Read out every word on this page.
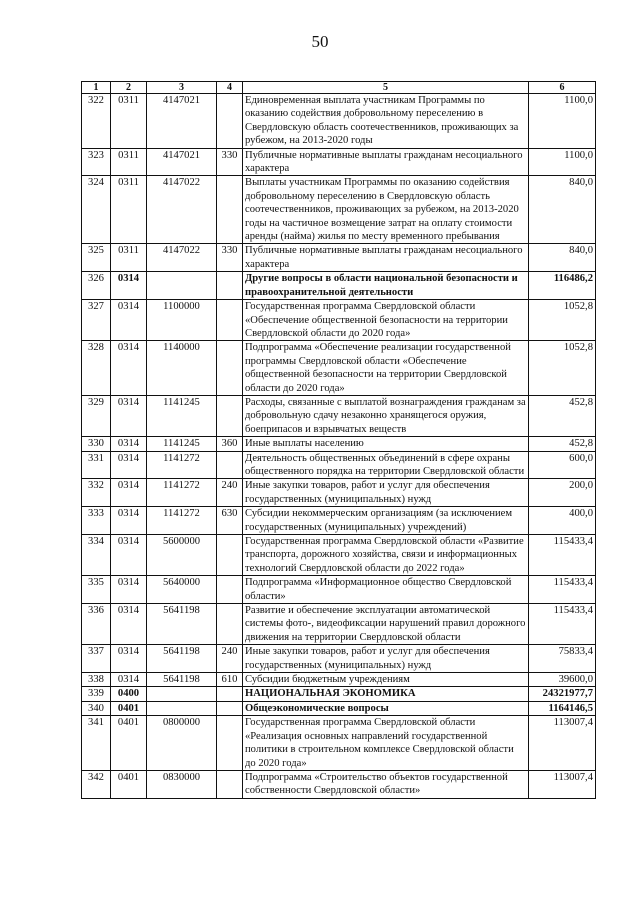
50
1	2	3	4	5	6
322	0311	4147021		Единовременная выплата участникам Программы по оказанию содействия добровольному переселению в Свердловскую область соотечественников, проживающих за рубежом, на 2013-2020 годы	1100,0
323	0311	4147021	330	Публичные нормативные выплаты гражданам несоциального характера	1100,0
324	0311	4147022		Выплаты участникам Программы по оказанию содействия добровольному переселению в Свердловскую область соотечественников, проживающих за рубежом, на 2013-2020 годы на частичное возмещение затрат на оплату стоимости аренды (найма) жилья по месту временного пребывания	840,0
325	0311	4147022	330	Публичные нормативные выплаты гражданам несоциального характера	840,0
326	0314			Другие вопросы в области национальной безопасности и правоохранительной деятельности	116486,2
327	0314	1100000		Государственная программа Свердловской области «Обеспечение общественной безопасности на территории Свердловской области до 2020 года»	1052,8
328	0314	1140000		Подпрограмма «Обеспечение реализации государственной программы Свердловской области «Обеспечение общественной безопасности на территории Свердловской области до 2020 года»	1052,8
329	0314	1141245		Расходы, связанные с выплатой вознаграждения гражданам за добровольную сдачу незаконно хранящегося оружия, боеприпасов и взрывчатых веществ	452,8
330	0314	1141245	360	Иные выплаты населению	452,8
331	0314	1141272		Деятельность общественных объединений в сфере охраны общественного порядка на территории Свердловской области	600,0
332	0314	1141272	240	Иные закупки товаров, работ и услуг для обеспечения государственных (муниципальных) нужд	200,0
333	0314	1141272	630	Субсидии некоммерческим организациям (за исключением государственных (муниципальных) учреждений)	400,0
334	0314	5600000		Государственная программа Свердловской области «Развитие транспорта, дорожного хозяйства, связи и информационных технологий Свердловской области до 2022 года»	115433,4
335	0314	5640000		Подпрограмма «Информационное общество Свердловской области»	115433,4
336	0314	5641198		Развитие и обеспечение эксплуатации автоматической системы фото-, видеофиксации нарушений правил дорожного движения на территории Свердловской области	115433,4
337	0314	5641198	240	Иные закупки товаров, работ и услуг для обеспечения государственных (муниципальных) нужд	75833,4
338	0314	5641198	610	Субсидии бюджетным учреждениям	39600,0
339	0400			НАЦИОНАЛЬНАЯ ЭКОНОМИКА	24321977,7
340	0401			Общеэкономические вопросы	1164146,5
341	0401	0800000		Государственная программа Свердловской области «Реализация основных направлений государственной политики в строительном комплексе Свердловской области до 2020 года»	113007,4
342	0401	0830000		Подпрограмма «Строительство объектов государственной собственности Свердловской области»	113007,4
